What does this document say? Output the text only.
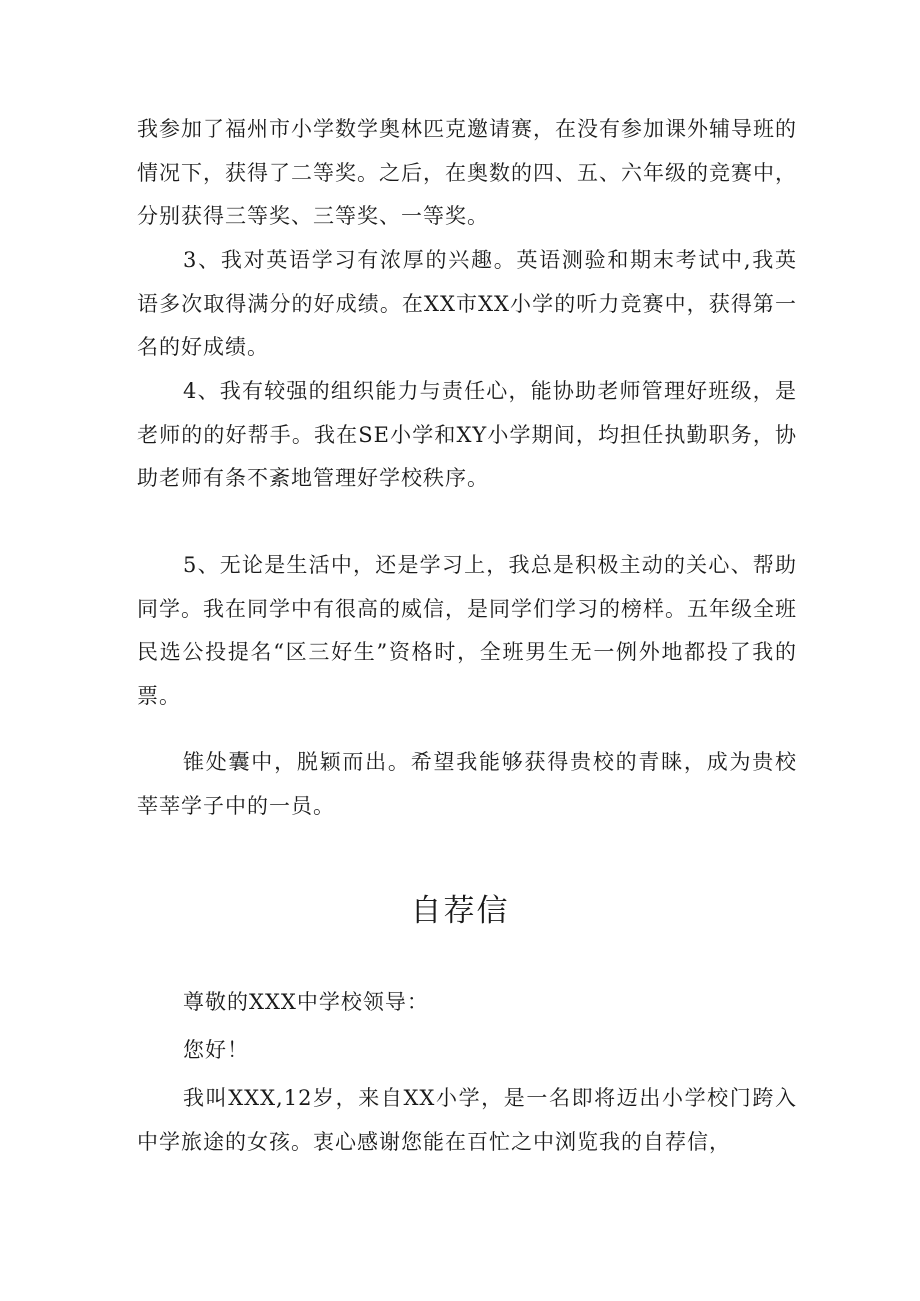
我参加了福州市小学数学奥林匹克邀请赛，在没有参加课外辅导班的情况下，获得了二等奖。之后，在奥数的四、五、六年级的竞赛中，分别获得三等奖、三等奖、一等奖。

3、我对英语学习有浓厚的兴趣。英语测验和期末考试中,我英语多次取得满分的好成绩。在XX市XX小学的听力竞赛中，获得第一名的好成绩。

4、我有较强的组织能力与责任心，能协助老师管理好班级，是老师的的好帮手。我在SE小学和XY小学期间，均担任执勤职务，协助老师有条不紊地管理好学校秩序。

5、无论是生活中，还是学习上，我总是积极主动的关心、帮助同学。我在同学中有很高的威信，是同学们学习的榜样。五年级全班民选公投提名“区三好生”资格时，全班男生无一例外地都投了我的票。

锥处囊中，脱颖而出。希望我能够获得贵校的青睐，成为贵校莘莘学子中的一员。

自荐信

尊敬的XXX中学校领导：

您好！

我叫XXX,12岁，来自XX小学，是一名即将迈出小学校门跨入中学旅途的女孩。衷心感谢您能在百忙之中浏览我的自荐信，
